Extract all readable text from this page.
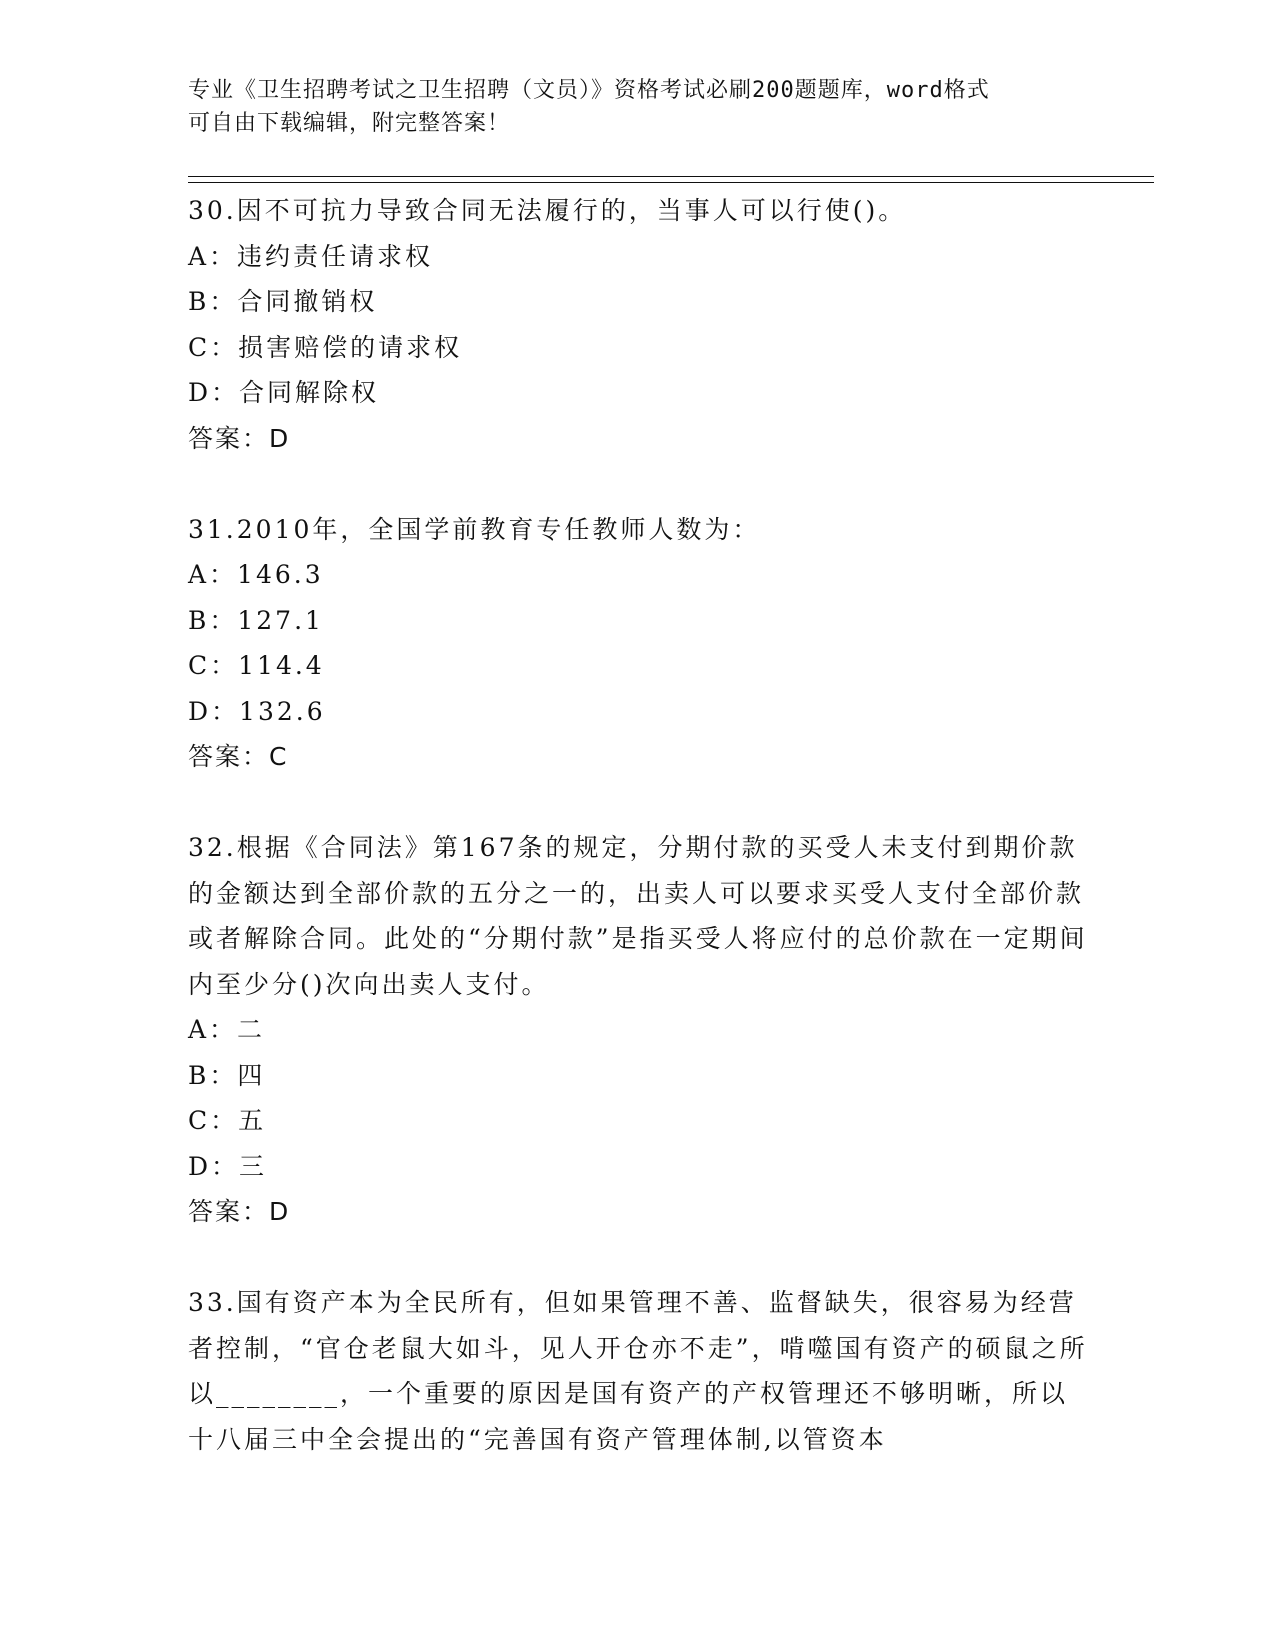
专业《卫生招聘考试之卫生招聘（文员）》资格考试必刷200题题库，word格式
可自由下载编辑，附完整答案！

30.因不可抗力导致合同无法履行的，当事人可以行使()。

A：违约责任请求权

B：合同撤销权

C：损害赔偿的请求权

D：合同解除权

答案：D

31.2010年，全国学前教育专任教师人数为：

A：146.3

B：127.1

C：114.4

D：132.6

答案：C

32.根据《合同法》第167条的规定，分期付款的买受人未支付到期价款的金额达到全部价款的五分之一的，出卖人可以要求买受人支付全部价款或者解除合同。此处的“分期付款”是指买受人将应付的总价款在一定期间内至少分()次向出卖人支付。

A：二

B：四

C：五

D：三

答案：D

33.国有资产本为全民所有，但如果管理不善、监督缺失，很容易为经营者控制，“官仓老鼠大如斗，见人开仓亦不走”，啃噬国有资产的硕鼠之所以________，一个重要的原因是国有资产的产权管理还不够明晰，所以十八届三中全会提出的“完善国有资产管理体制,以管资本
